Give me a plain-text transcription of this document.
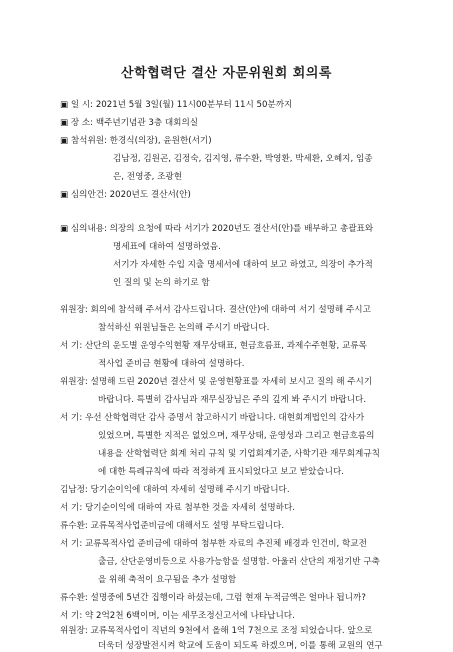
산학협력단 결산 자문위원회 회의록
▣ 일 시: 2021년 5월 3일(월) 11시00분부터 11시 50분까지
▣ 장 소: 백주년기념관 3층 대회의실
▣ 참석위원: 한경식(의장), 윤원한(서기)
김남정, 김원곤, 김정숙, 김지영, 류수환, 박영환, 박세환, 오혜지, 임종
은, 전영중, 조광현
▣ 심의안건: 2020년도 결산서(안)
▣ 심의내용: 의장의 요청에 따라 서기가 2020년도 결산서(안)를 배부하고 총괄표와
명세표에 대하여 설명하였음.
서기가 자세한 수입 지출 명세서에 대하여 보고 하였고, 의장이 추가적
인 질의 및 논의 하기로 함
위원장: 회의에 참석해 주셔서 감사드립니다. 결산(안)에 대하여 서기 설명해 주시고
참석하신 위원님들은 논의해 주시기 바랍니다.
서 기: 산단의 운도별 운영수익현황 재무상태표, 현금흐름표, 과제수주현황, 교류목
적사업 준비금 현황에 대하여 설명하다.
위원장: 설명해 드린 2020년 결산서 및 운영현황표를 자세히 보시고 질의 해 주시기
바랍니다. 특별히 감사님과 재무실장님은 주의 깊게 봐 주시기 바랍니다.
서 기: 우선 산학협력단 감사 증명서 참고하시기 바랍니다. 대현회계법인의 감사가
있었으며, 특별한 지적은 없었으며, 재무상태, 운영성과 그리고 현금흐름의
내용을 산학협력단 회계 처리 규칙 및 기업회계기준, 사학기관 재무회계규칙
에 대한 특례규칙에 따라 적정하게 표시되었다고 보고 받았습니다.
김남정: 당기순이익에 대하여 자세히 설명해 주시기 바랍니다.
서 기: 당기순이익에 대하여 자료 첨부한 것을 자세히 설명하다.
류수환: 교류목적사업준비금에 대해서도 설명 부탁드립니다.
서 기: 교류목적사업 준비금에 대하여 첨부한 자료의 추진체 배경과 인건비, 학교전
출금, 산단운영비등으로 사용가능함을 설명함. 아울러 산단의 재정기반 구축
을 위해 축적이 요구됨을 추가 설명함
류수환: 설명중에 5년간 집행이라 하셨는데, 그럼 현재 누적금액은 얼마나 됩니까?
서 기: 약 2억2천 6백이며, 이는 세무조정신고서에 나타납니다.
위원장: 교류목적사업이 직년의 9천에서 올해 1억 7천으로 조정 되었습니다. 앞으로
더욱더 성장발전시켜 학교에 도움이 되도록 하겠으며, 이를 통해 교원의 연구
